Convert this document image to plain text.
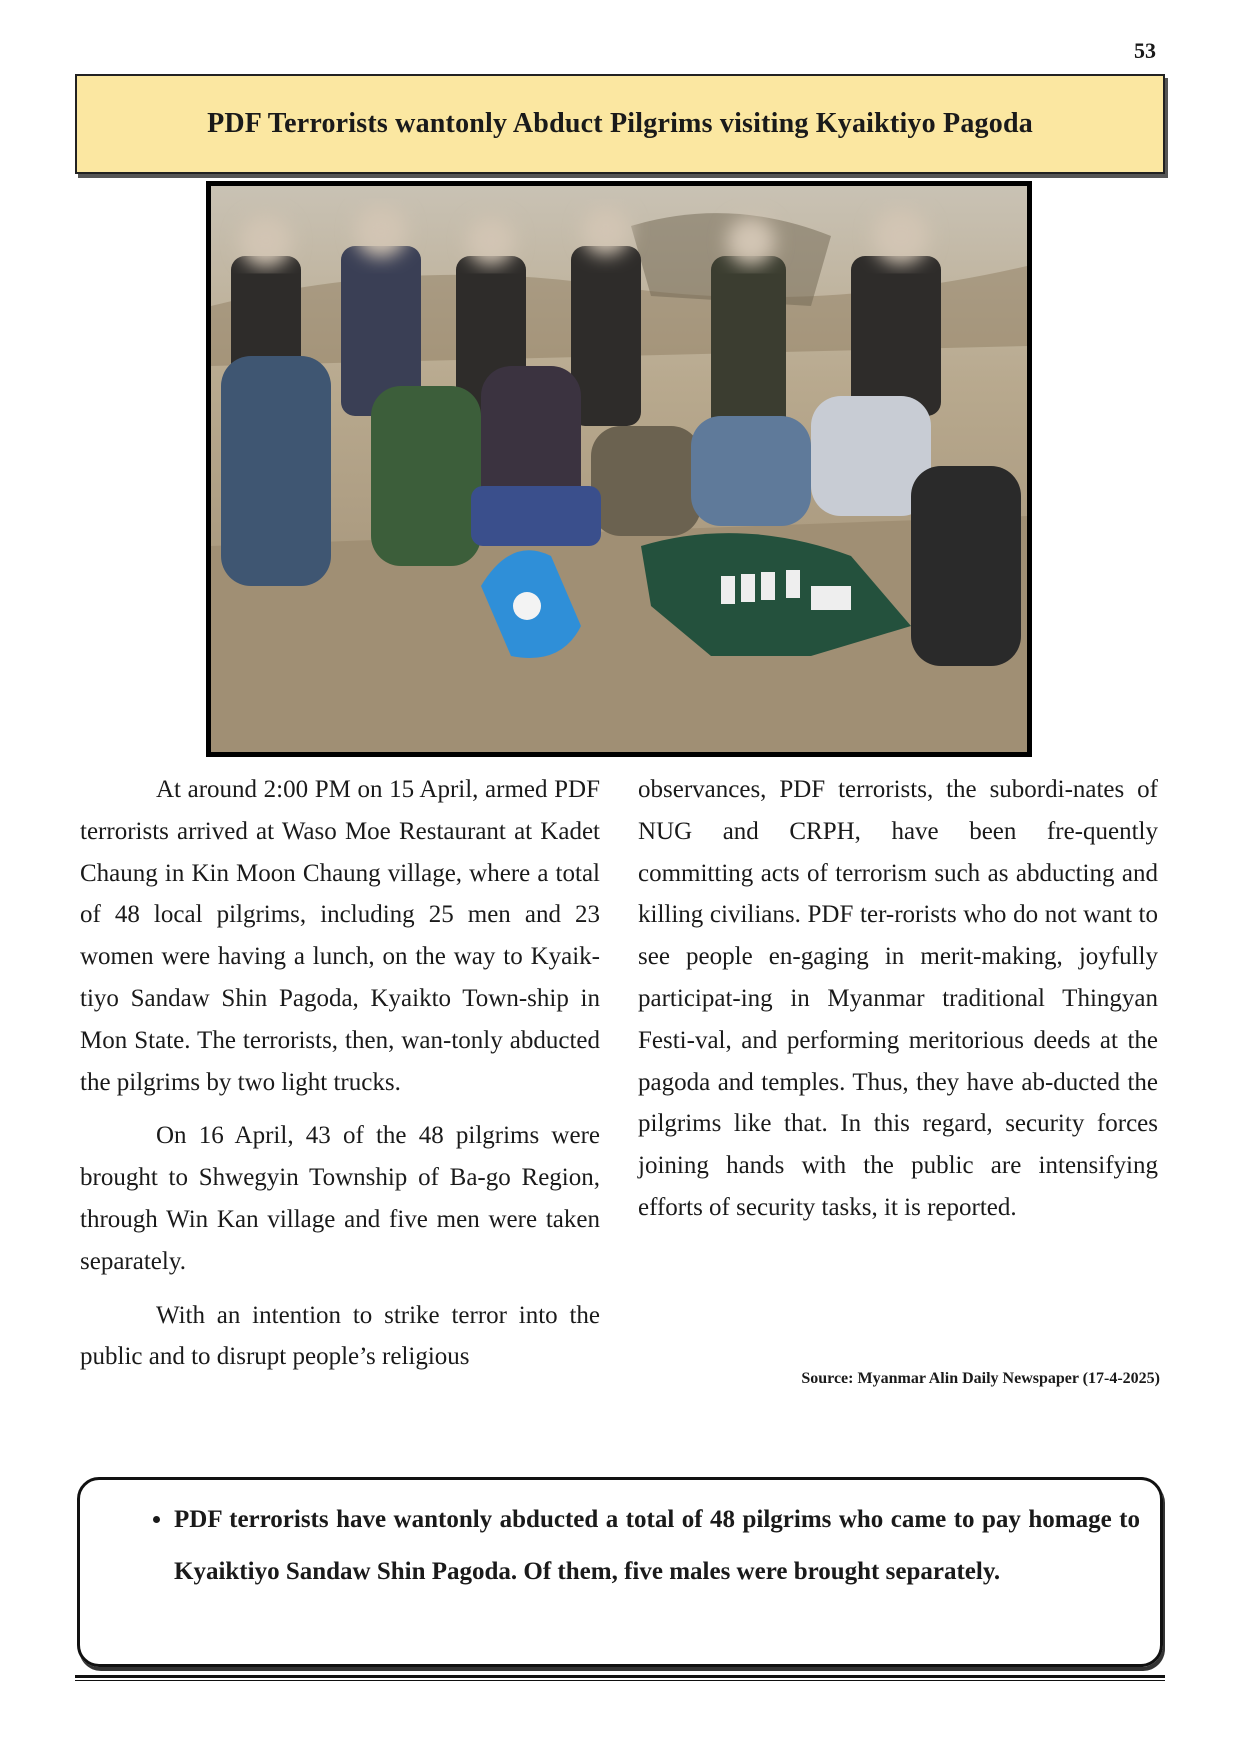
53
PDF Terrorists wantonly Abduct Pilgrims visiting Kyaiktiyo Pagoda

At around 2:00 PM on 15 April, armed PDF terrorists arrived at Waso Moe Restaurant at Kadet Chaung in Kin Moon Chaung village, where a total of 48 local pilgrims, including 25 men and 23 women were having a lunch, on the way to Kyaik-tiyo Sandaw Shin Pagoda, Kyaikto Town-ship in Mon State. The terrorists, then, wan-tonly abducted the pilgrims by two light trucks.

On 16 April, 43 of the 48 pilgrims were brought to Shwegyin Township of Ba-go Region, through Win Kan village and five men were taken separately.

With an intention to strike terror into the public and to disrupt people’s religious

observances, PDF terrorists, the subordi-nates of NUG and CRPH, have been fre-quently committing acts of terrorism such as abducting and killing civilians. PDF ter-rorists who do not want to see people en-gaging in merit-making, joyfully participat-ing in Myanmar traditional Thingyan Festi-val, and performing meritorious deeds at the pagoda and temples. Thus, they have ab-ducted the pilgrims like that. In this regard, security forces joining hands with the public are intensifying efforts of security tasks, it is reported.

Source: Myanmar Alin Daily Newspaper (17-4-2025)
• PDF terrorists have wantonly abducted a total of 48 pilgrims who came to pay homage to Kyaiktiyo Sandaw Shin Pagoda. Of them, five males were brought separately.
